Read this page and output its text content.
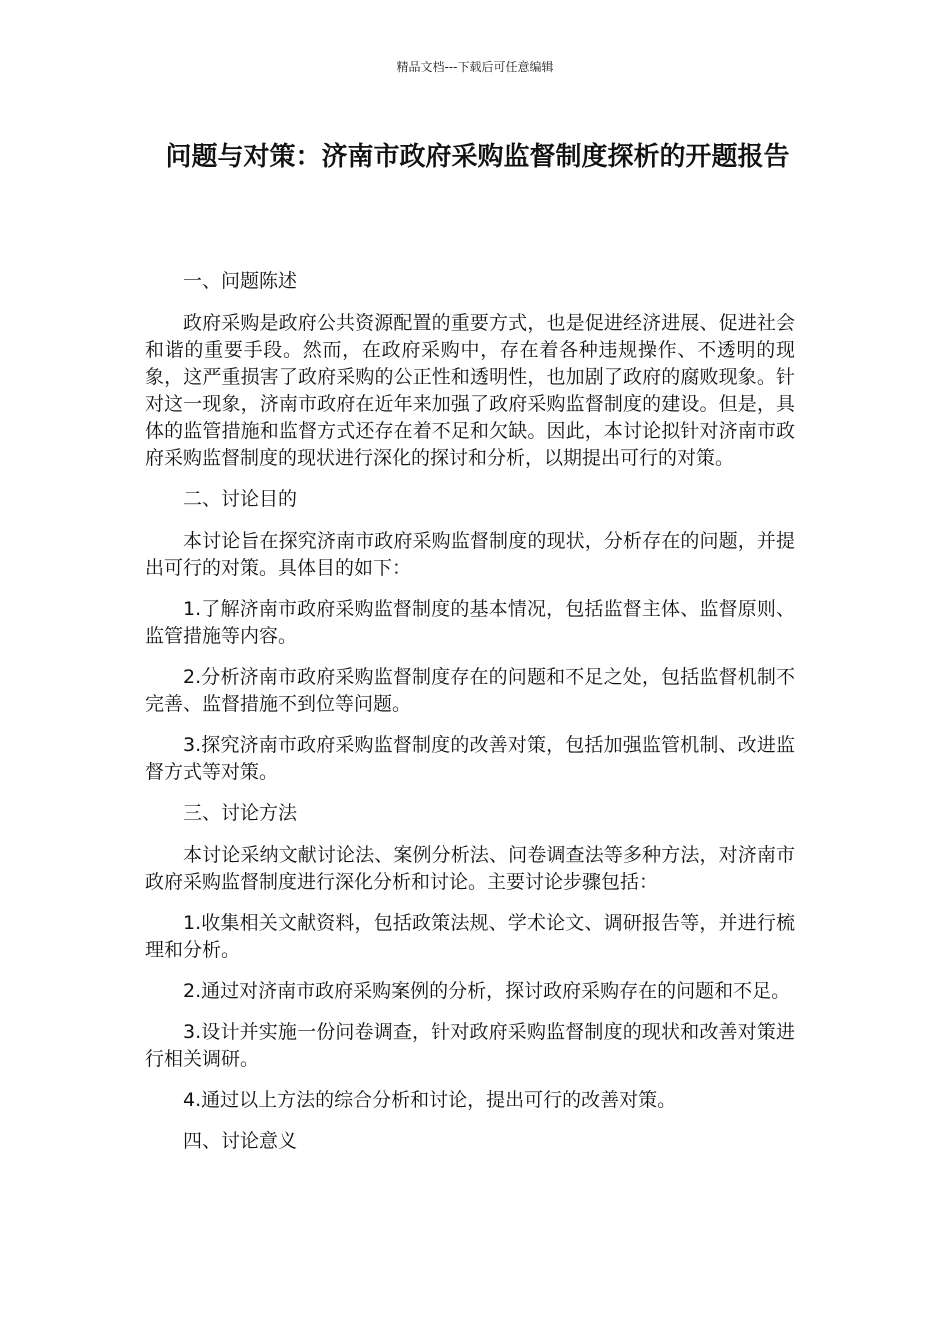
精品文档---下载后可任意编辑
问题与对策：济南市政府采购监督制度探析的开题报告

一、问题陈述

政府采购是政府公共资源配置的重要方式，也是促进经济进展、促进社会和谐的重要手段。然而，在政府采购中，存在着各种违规操作、不透明的现象，这严重损害了政府采购的公正性和透明性，也加剧了政府的腐败现象。针对这一现象，济南市政府在近年来加强了政府采购监督制度的建设。但是，具体的监管措施和监督方式还存在着不足和欠缺。因此，本讨论拟针对济南市政府采购监督制度的现状进行深化的探讨和分析，以期提出可行的对策。

二、讨论目的

本讨论旨在探究济南市政府采购监督制度的现状，分析存在的问题，并提出可行的对策。具体目的如下：

1.了解济南市政府采购监督制度的基本情况，包括监督主体、监督原则、监管措施等内容。

2.分析济南市政府采购监督制度存在的问题和不足之处，包括监督机制不完善、监督措施不到位等问题。

3.探究济南市政府采购监督制度的改善对策，包括加强监管机制、改进监督方式等对策。

三、讨论方法

本讨论采纳文献讨论法、案例分析法、问卷调查法等多种方法，对济南市政府采购监督制度进行深化分析和讨论。主要讨论步骤包括：

1.收集相关文献资料，包括政策法规、学术论文、调研报告等，并进行梳理和分析。

2.通过对济南市政府采购案例的分析，探讨政府采购存在的问题和不足。

3.设计并实施一份问卷调查，针对政府采购监督制度的现状和改善对策进行相关调研。

4.通过以上方法的综合分析和讨论，提出可行的改善对策。

四、讨论意义
